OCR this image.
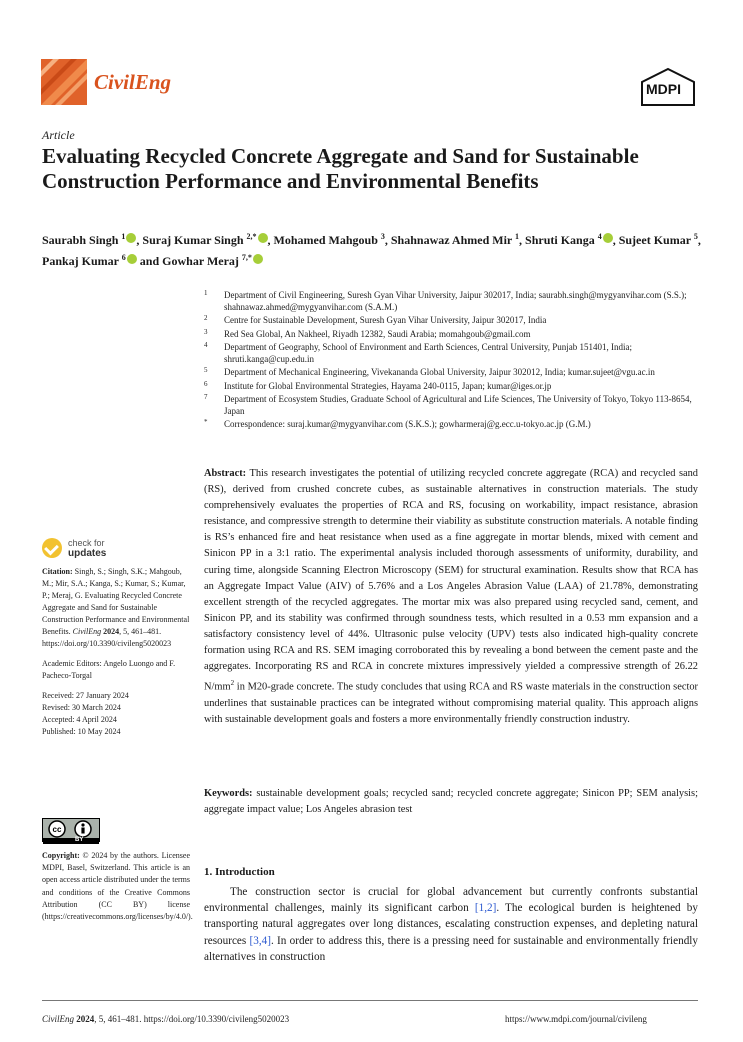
CivilEng	MDPI
Article
Evaluating Recycled Concrete Aggregate and Sand for Sustainable Construction Performance and Environmental Benefits
Saurabh Singh $^1$ , Suraj Kumar Singh $^{2,*}$ , Mohamed Mahgoub $^3$, Shahnawaz Ahmed Mir $^1$, Shruti Kanga $^4$ , Sujeet Kumar $^5$, Pankaj Kumar $^6$ and Gowhar Meraj $^{7,*}$
1 Department of Civil Engineering, Suresh Gyan Vihar University, Jaipur 302017, India; saurabh.singh@mygyanvihar.com (S.S.); shahnawaz.ahmed@mygyanvihar.com (S.A.M.)
2 Centre for Sustainable Development, Suresh Gyan Vihar University, Jaipur 302017, India
3 Red Sea Global, An Nakheel, Riyadh 12382, Saudi Arabia; momahgoub@gmail.com
4 Department of Geography, School of Environment and Earth Sciences, Central University, Punjab 151401, India; shruti.kanga@cup.edu.in
5 Department of Mechanical Engineering, Vivekananda Global University, Jaipur 302012, India; kumar.sujeet@vgu.ac.in
6 Institute for Global Environmental Strategies, Hayama 240-0115, Japan; kumar@iges.or.jp
7 Department of Ecosystem Studies, Graduate School of Agricultural and Life Sciences, The University of Tokyo, Tokyo 113-8654, Japan
* Correspondence: suraj.kumar@mygyanvihar.com (S.K.S.); gowharmeraj@g.ecc.u-tokyo.ac.jp (G.M.)
check for
updates

Citation: Singh, S.; Singh, S.K.; Mahgoub, M.; Mir, S.A.; Kanga, S.; Kumar, S.; Kumar, P.; Meraj, G. Evaluating Recycled Concrete Aggregate and Sand for Sustainable Construction Performance and Environmental Benefits. CivilEng 2024, 5, 461–481. https://doi.org/10.3390/civileng5020023

Academic Editors: Angelo Luongo and F. Pacheco-Torgal

Received: 27 January 2024

Revised: 30 March 2024

Accepted: 4 April 2024

Published: 10 May 2024

cc
BY
Copyright: © 2024 by the authors. Licensee MDPI, Basel, Switzerland. This article is an open access article distributed under the terms and conditions of the Creative Commons Attribution (CC BY) license (https://creativecommons.org/licenses/by/4.0/).
Abstract: This research investigates the potential of utilizing recycled concrete aggregate (RCA) and recycled sand (RS), derived from crushed concrete cubes, as sustainable alternatives in construction materials. The study comprehensively evaluates the properties of RCA and RS, focusing on workability, impact resistance, abrasion resistance, and compressive strength to determine their viability as substitute construction materials. A notable finding is RS’s enhanced fire and heat resistance when used as a fine aggregate in mortar blends, mixed with cement and Sinicon PP in a 3:1 ratio. The experimental analysis included thorough assessments of uniformity, durability, and curing time, alongside Scanning Electron Microscopy (SEM) for structural examination. Results show that RCA has an Aggregate Impact Value (AIV) of 5.76% and a Los Angeles Abrasion Value (LAA) of 21.78%, demonstrating excellent strength of the recycled aggregates. The mortar mix was also prepared using recycled sand, cement, and Sinicon PP, and its stability was confirmed through soundness tests, which resulted in a 0.53 mm expansion and a satisfactory consistency level of 44%. Ultrasonic pulse velocity (UPV) tests also indicated high-quality concrete formation using RCA and RS. SEM imaging corroborated this by revealing a bond between the cement paste and the aggregates. Incorporating RS and RCA in concrete mixtures impressively yielded a compressive strength of 26.22 $N/mm^2$ in M20-grade concrete. The study concludes that using RCA and RS waste materials in the construction sector underlines that sustainable practices can be integrated without compromising material quality. This approach aligns with sustainable development goals and fosters a more environmentally friendly construction industry.
Keywords: sustainable development goals; recycled sand; recycled concrete aggregate; Sinicon PP; SEM analysis; aggregate impact value; Los Angeles abrasion test
1. Introduction
The construction sector is crucial for global advancement but currently confronts substantial environmental challenges, mainly its significant carbon [1,2]. The ecological burden is heightened by transporting natural aggregates over long distances, escalating construction expenses, and depleting natural resources [3,4]. In order to address this, there is a pressing need for sustainable and environmentally friendly alternatives in construction
CivilEng 2024, 5, 461–481. https://doi.org/10.3390/civileng5020023	https://www.mdpi.com/journal/civileng
